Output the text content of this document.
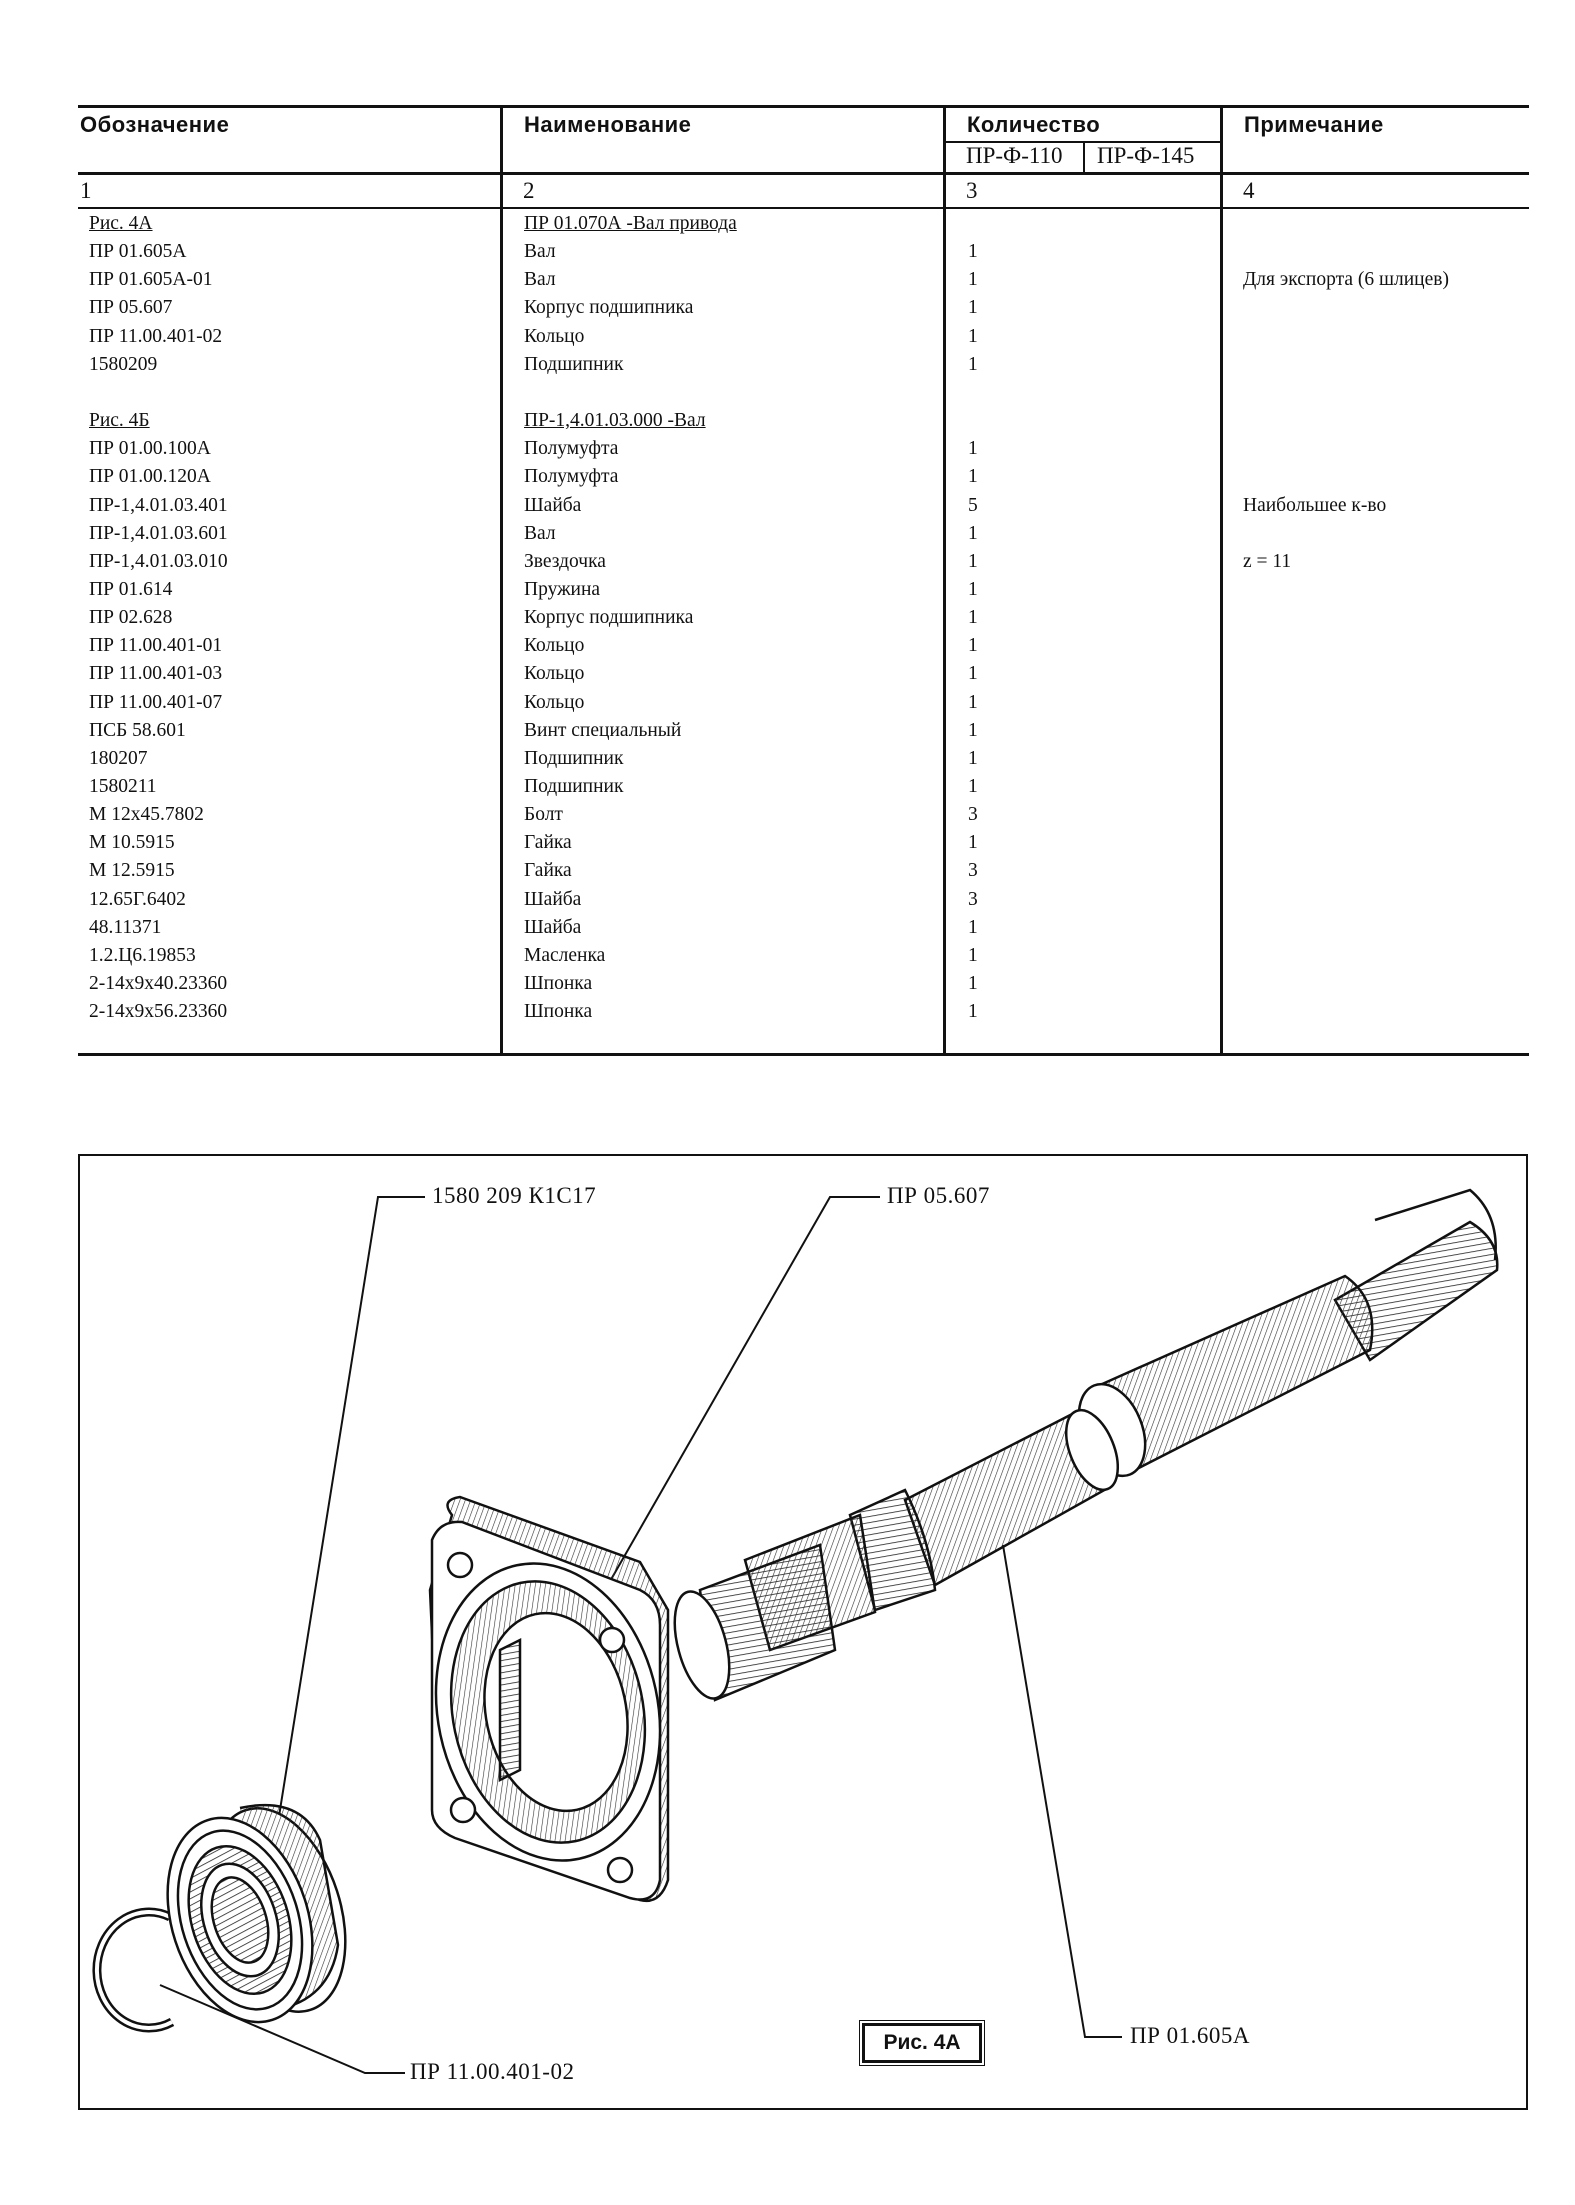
Обозначение	Наименование	Количество	Примечание
ПР-Ф-110 ПР-Ф-145
1	2	3	4
Рис. 4А	ПР 01.070А -Вал привода
ПР 01.605А	Вал	1
ПР 01.605А-01	Вал	1	Для экспорта (6 шлицев)
ПР 05.607	Корпус подшипника	1
ПР 11.00.401-02	Кольцо	1
1580209	Подшипник	1
Рис. 4Б	ПР-1,4.01.03.000 -Вал
ПР 01.00.100А	Полумуфта	1
ПР 01.00.120А	Полумуфта	1
ПР-1,4.01.03.401	Шайба	5	Наибольшее к-во
ПР-1,4.01.03.601	Вал	1
ПР-1,4.01.03.010	Звездочка	1	z = 11
ПР 01.614	Пружина	1
ПР 02.628	Корпус подшипника	1
ПР 11.00.401-01	Кольцо	1
ПР 11.00.401-03	Кольцо	1
ПР 11.00.401-07	Кольцо	1
ПСБ 58.601	Винт специальный	1
180207	Подшипник	1
1580211	Подшипник	1
М 12х45.7802	Болт	3
М 10.5915	Гайка	1
М 12.5915	Гайка	3
12.65Г.6402	Шайба	3
48.11371	Шайба	1
1.2.Ц6.19853	Масленка	1
2-14х9х40.23360	Шпонка	1
2-14х9х56.23360	Шпонка	1
1580 209 К1С17	ПР 05.607
ПР 11.00.401-02
ПР 01.605А
Рис. 4А
